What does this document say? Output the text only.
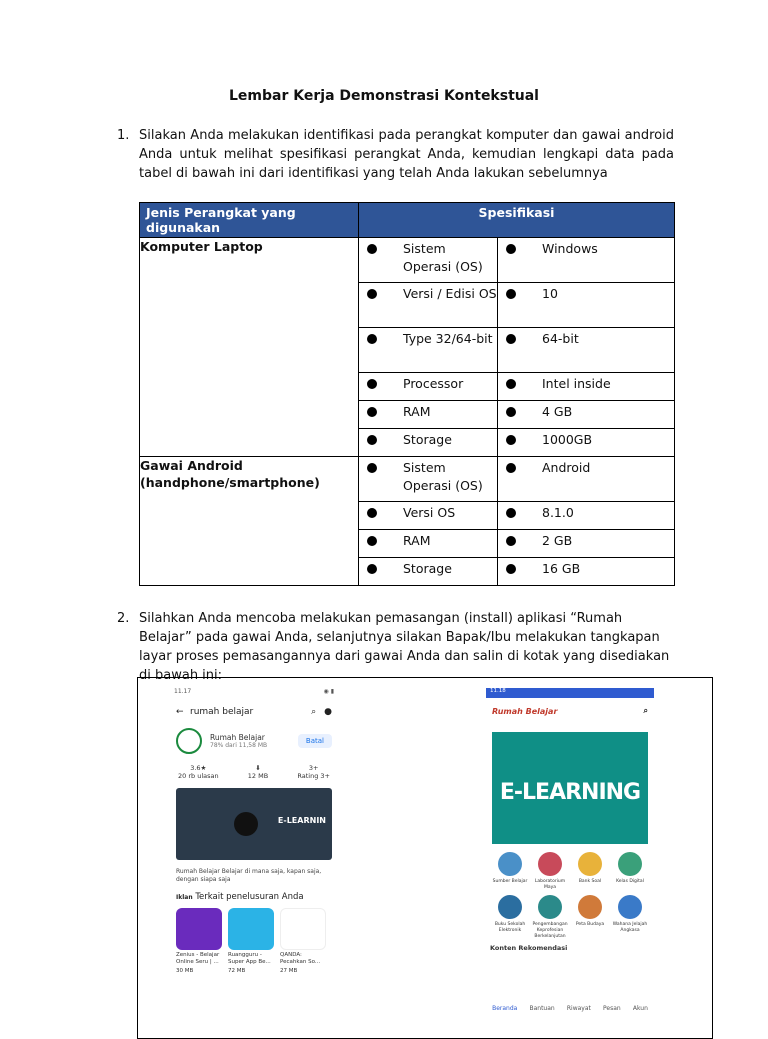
Lembar Kerja Demonstrasi Kontekstual
1. Silakan Anda melakukan identifikasi pada perangkat komputer dan gawai android Anda untuk melihat spesifikasi perangkat Anda, kemudian lengkapi data pada tabel di bawah ini dari identifikasi yang telah Anda lakukan sebelumnya
Jenis Perangkat yang digunakan	Spesifikasi	
Komputer Laptop	Sistem Operasi (OS)	Windows

	Versi / Edisi OS	10

	Type 32/64-bit	64-bit

	Processor	Intel inside

	RAM	4 GB

	Storage	1000GB

Gawai Android
(handphone/smartphone)	Sistem Operasi (OS)	Android

	Versi OS	8.1.0

	RAM	2 GB

	Storage	16 GB
2. Silahkan Anda mencoba melakukan pemasangan (install) aplikasi “Rumah Belajar” pada gawai Anda, selanjutnya silakan Bapak/Ibu melakukan tangkapan layar proses pemasangannya dari gawai Anda dan salin di kotak yang disediakan di bawah ini:
11.17	◉ ▮
← rumah belajar	⌕ ●
Rumah Belajar
78% dari 11,58 MB
Batal
3.6★
20 rb ulasan
⬇
12 MB
3+
Rating 3+
E-LEARNIN
Rumah Belajar Belajar di mana saja, kapan saja, dengan siapa saja
Iklan Terkait penelusuran Anda
Zenius - Belajar Online Seru | ...
30 MB
Ruangguru - Super App Be...
72 MB
QANDA: Pecahkan So...
27 MB
11.18
Rumah Belajar	⌕
E-LEARNING
Sumber Belajar	Laboratorium Maya
Bank Soal	Kelas Digital
Buku Sekolah Elektronik
Pengembangan Keprofesian Berkelanjutan
Peta Budaya	Wahana Jelajah Angkasa
Konten Rekomendasi
Beranda Bantuan Riwayat Pesan Akun
